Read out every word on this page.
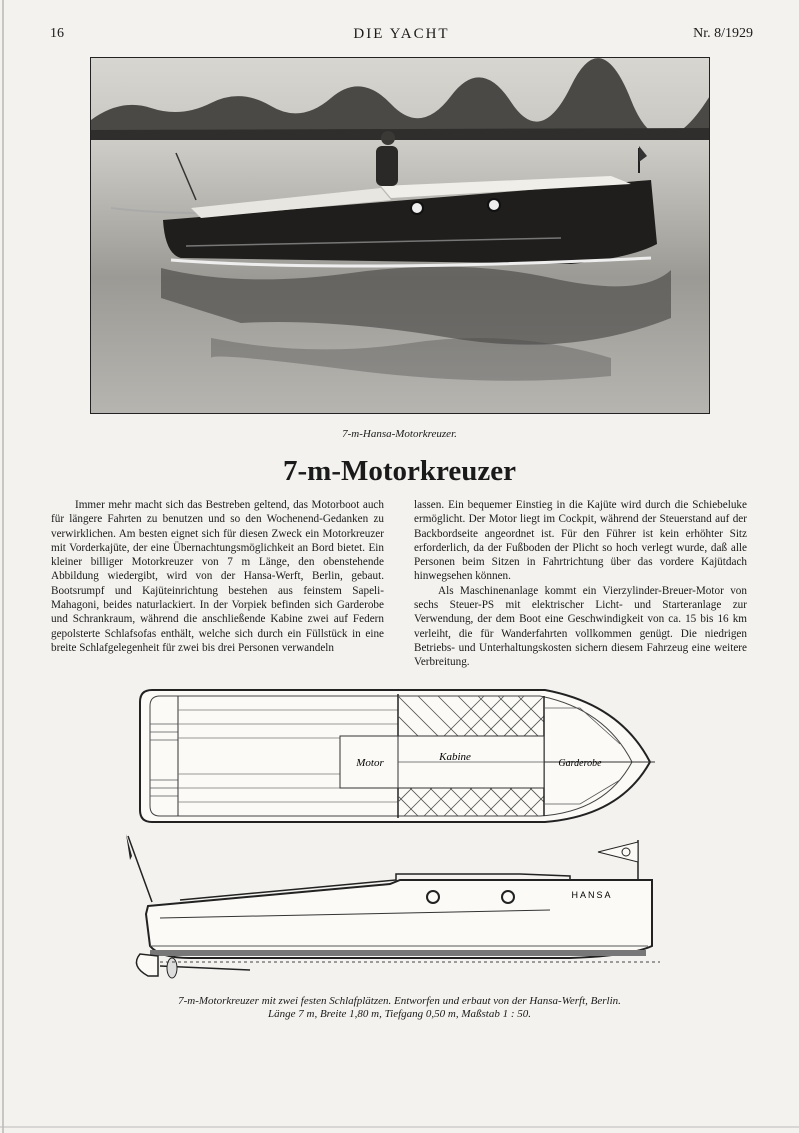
16	DIE YACHT	Nr. 8/1929
7-m-Hansa-Motorkreuzer.
7-m-Motorkreuzer

Immer mehr macht sich das Bestreben geltend, das Motorboot auch für längere Fahrten zu benutzen und so den Wochenend-Gedanken zu verwirklichen. Am besten eignet sich für diesen Zweck ein Motorkreuzer mit Vorderkajüte, der eine Übernachtungsmöglichkeit an Bord bietet. Ein kleiner billiger Motorkreuzer von 7 m Länge, den obenstehende Abbildung wiedergibt, wird von der Hansa-Werft, Berlin, gebaut. Bootsrumpf und Kajüteinrichtung bestehen aus feinstem Sapeli-Mahagoni, beides naturlackiert. In der Vorpiek befinden sich Garderobe und Schrankraum, während die anschließende Kabine zwei auf Federn gepolsterte Schlafsofas enthält, welche sich durch ein Füllstück in eine breite Schlafgelegenheit für zwei bis drei Personen verwandeln

lassen. Ein bequemer Einstieg in die Kajüte wird durch die Schiebeluke ermöglicht. Der Motor liegt im Cockpit, während der Steuerstand auf der Backbordseite angeordnet ist. Für den Führer ist kein erhöhter Sitz erforderlich, da der Fußboden der Plicht so hoch verlegt wurde, daß alle Personen beim Sitzen in Fahrtrichtung über das vordere Kajütdach hinwegsehen können.

Als Maschinenanlage kommt ein Vierzylinder-Breuer-Motor von sechs Steuer-PS mit elektrischer Licht- und Starteranlage zur Verwendung, der dem Boot eine Geschwindigkeit von ca. 15 bis 16 km verleiht, die für Wanderfahrten vollkommen genügt. Die niedrigen Betriebs- und Unterhaltungskosten sichern diesem Fahrzeug eine weitere Verbreitung.

Motor	Kabine
Garderobe
HANSA
7-m-Motorkreuzer mit zwei festen Schlafplätzen. Entworfen und erbaut von der Hansa-Werft, Berlin.
Länge 7 m, Breite 1,80 m, Tiefgang 0,50 m, Maßstab 1 : 50.
